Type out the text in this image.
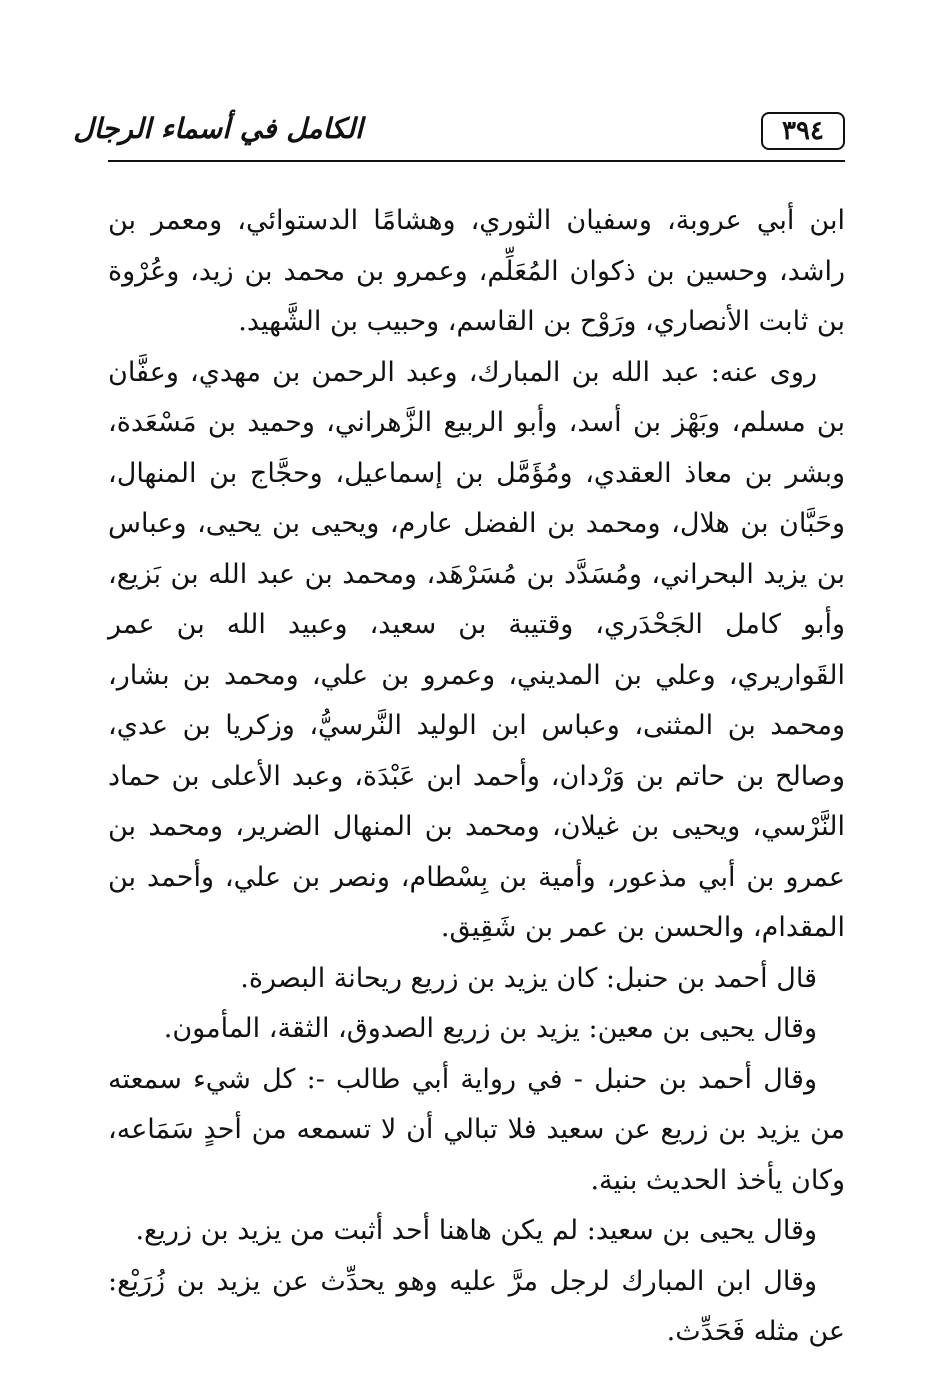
٣٩٤
الكامل في أسماء الرجال

ابن أبي عروبة، وسفيان الثوري، وهشامًا الدستوائي، ومعمر بن راشد، وحسين بن ذكوان المُعَلِّم، وعمرو بن محمد بن زيد، وعُرْوة بن ثابت الأنصاري، ورَوْح بن القاسم، وحبيب بن الشَّهيد.

روى عنه: عبد الله بن المبارك، وعبد الرحمن بن مهدي، وعفَّان بن مسلم، وبَهْز بن أسد، وأبو الربيع الزَّهراني، وحميد بن مَسْعَدة، وبشر بن معاذ العقدي، ومُؤَمَّل بن إسماعيل، وحجَّاج بن المنهال، وحَبَّان بن هلال، ومحمد بن الفضل عارم، ويحيى بن يحيى، وعباس بن يزيد البحراني، ومُسَدَّد بن مُسَرْهَد، ومحمد بن عبد الله بن بَزيع، وأبو كامل الجَحْدَري، وقتيبة بن سعيد، وعبيد الله بن عمر القَواريري، وعلي بن المديني، وعمرو بن علي، ومحمد بن بشار، ومحمد بن المثنى، وعباس ابن الوليد النَّرسيُّ، وزكريا بن عدي، وصالح بن حاتم بن وَرْدان، وأحمد ابن عَبْدَة، وعبد الأعلى بن حماد النَّرْسي، ويحيى بن غيلان، ومحمد بن المنهال الضرير، ومحمد بن عمرو بن أبي مذعور، وأمية بن بِسْطام، ونصر بن علي، وأحمد بن المقدام، والحسن بن عمر بن شَقِيق.

قال أحمد بن حنبل: كان يزيد بن زريع ريحانة البصرة.

وقال يحيى بن معين: يزيد بن زريع الصدوق، الثقة، المأمون.

وقال أحمد بن حنبل - في رواية أبي طالب -: كل شيء سمعته من يزيد بن زريع عن سعيد فلا تبالي أن لا تسمعه من أحدٍ سَمَاعه، وكان يأخذ الحديث بنية.

وقال يحيى بن سعيد: لم يكن هاهنا أحد أثبت من يزيد بن زريع.

وقال ابن المبارك لرجل مرَّ عليه وهو يحدِّث عن يزيد بن زُرَيْع: عن مثله فَحَدِّث.
